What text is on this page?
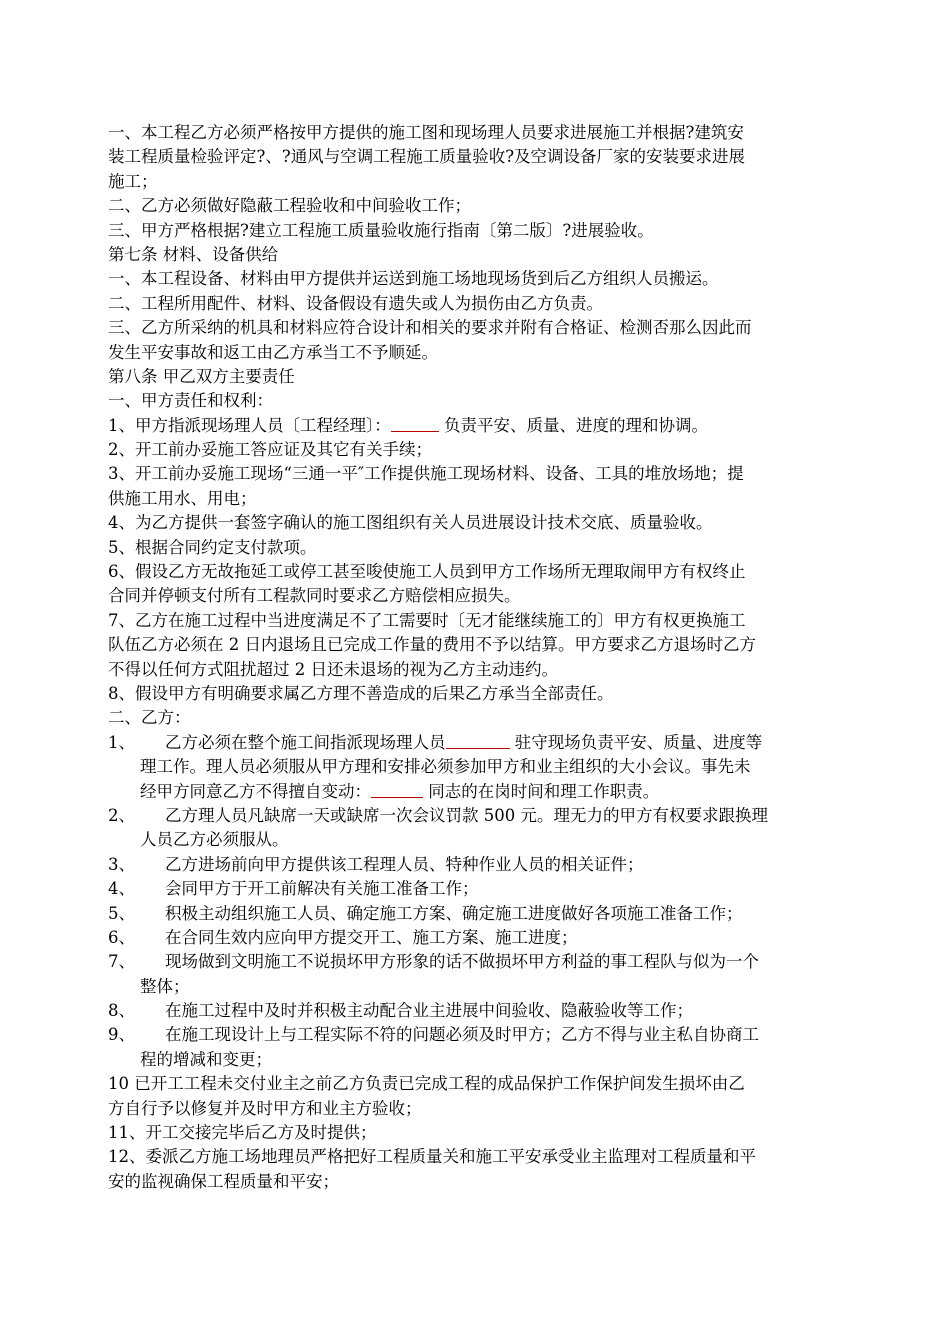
一、本工程乙方必须严格按甲方提供的施工图和现场理人员要求进展施工并根据?建筑安
装工程质量检验评定?、?通风与空调工程施工质量验收?及空调设备厂家的安装要求进展
施工；
二、乙方必须做好隐蔽工程验收和中间验收工作；
三、甲方严格根据?建立工程施工质量验收施行指南〔第二版〕?进展验收。
第七条 材料、设备供给
一、本工程设备、材料由甲方提供并运送到施工场地现场货到后乙方组织人员搬运。
二、工程所用配件、材料、设备假设有遗失或人为损伤由乙方负责。
三、乙方所采纳的机具和材料应符合设计和相关的要求并附有合格证、检测否那么因此而
发生平安事故和返工由乙方承当工不予顺延。
第八条 甲乙双方主要责任
一、甲方责任和权利：
1、甲方指派现场理人员〔工程经理〕：	负责平安、质量、进度的理和协调。
2、开工前办妥施工答应证及其它有关手续；
3、开工前办妥施工现场“三通一平″工作提供施工现场材料、设备、工具的堆放场地；提
供施工用水、用电；
4、为乙方提供一套签字确认的施工图组织有关人员进展设计技术交底、质量验收。
5、根据合同约定支付款项。
6、假设乙方无故拖延工或停工甚至唆使施工人员到甲方工作场所无理取闹甲方有权终止
合同并停顿支付所有工程款同时要求乙方赔偿相应损失。
7、乙方在施工过程中当进度满足不了工需要时〔无才能继续施工的〕甲方有权更换施工
队伍乙方必须在 2 日内退场且已完成工作量的费用不予以结算。甲方要求乙方退场时乙方
不得以任何方式阻扰超过 2 日还未退场的视为乙方主动违约。
8、假设甲方有明确要求属乙方理不善造成的后果乙方承当全部责任。
二、乙方：
1、 乙方必须在整个施工间指派现场理人员	驻守现场负责平安、质量、进度等
理工作。理人员必须服从甲方理和安排必须参加甲方和业主组织的大小会议。事先未
经甲方同意乙方不得擅自变动：	同志的在岗时间和理工作职责。
2、 乙方理人员凡缺席一天或缺席一次会议罚款 500 元。理无力的甲方有权要求跟换理
人员乙方必须服从。
3、 乙方进场前向甲方提供该工程理人员、特种作业人员的相关证件；
4、 会同甲方于开工前解决有关施工准备工作；
5、 积极主动组织施工人员、确定施工方案、确定施工进度做好各项施工准备工作；
6、 在合同生效内应向甲方提交开工、施工方案、施工进度；
7、 现场做到文明施工不说损坏甲方形象的话不做损坏甲方利益的事工程队与似为一个
整体；
8、 在施工过程中及时并积极主动配合业主进展中间验收、隐蔽验收等工作；
9、 在施工现设计上与工程实际不符的问题必须及时甲方；乙方不得与业主私自协商工
程的增减和变更；
10 已开工工程未交付业主之前乙方负责已完成工程的成品保护工作保护间发生损坏由乙
方自行予以修复并及时甲方和业主方验收；
11、开工交接完毕后乙方及时提供；
12、委派乙方施工场地理员严格把好工程质量关和施工平安承受业主监理对工程质量和平
安的监视确保工程质量和平安；
